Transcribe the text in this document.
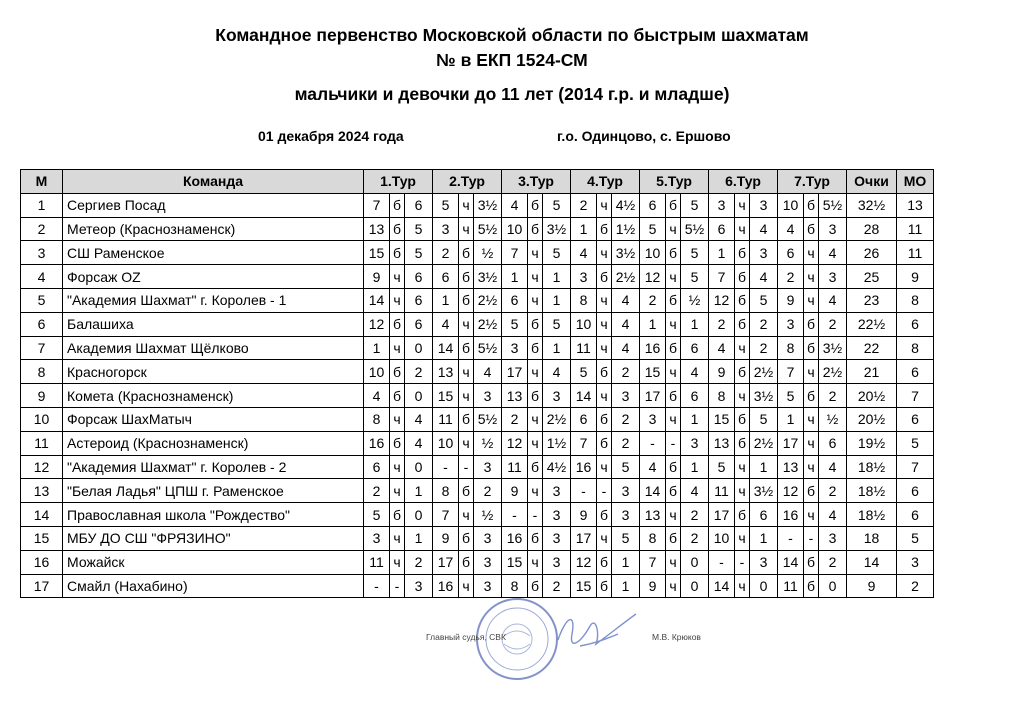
Командное первенство Московской области по быстрым шахматам
№ в ЕКП 1524-СМ
мальчики и девочки до 11 лет (2014 г.р. и младше)
01 декабря 2024 года	г.о. Одинцово, с. Ершово
М	Команда	1.Тур			2.Тур			3.Тур			4.Тур			5.Тур			6.Тур			7.Тур			Очки	МО
1	Сергиев Посад	7	б	6	5	ч	3½	4	б	5	2	ч	4½	6	б	5	3	ч	3	10	б	5½	32½	13
2	Метеор (Краснознаменск)	13	б	5	3	ч	5½	10	б	3½	1	б	1½	5	ч	5½	6	ч	4	4	б	3	28	11
3	СШ Раменское	15	б	5	2	б	½	7	ч	5	4	ч	3½	10	б	5	1	б	3	6	ч	4	26	11
4	Форсаж OZ	9	ч	6	6	б	3½	1	ч	1	3	б	2½	12	ч	5	7	б	4	2	ч	3	25	9
5	"Академия Шахмат" г. Королев - 1	14	ч	6	1	б	2½	6	ч	1	8	ч	4	2	б	½	12	б	5	9	ч	4	23	8
6	Балашиха	12	б	6	4	ч	2½	5	б	5	10	ч	4	1	ч	1	2	б	2	3	б	2	22½	6
7	Академия Шахмат Щёлково	1	ч	0	14	б	5½	3	б	1	11	ч	4	16	б	6	4	ч	2	8	б	3½	22	8
8	Красногорск	10	б	2	13	ч	4	17	ч	4	5	б	2	15	ч	4	9	б	2½	7	ч	2½	21	6
9	Комета (Краснознаменск)	4	б	0	15	ч	3	13	б	3	14	ч	3	17	б	6	8	ч	3½	5	б	2	20½	7
10	Форсаж ШахМатыч	8	ч	4	11	б	5½	2	ч	2½	6	б	2	3	ч	1	15	б	5	1	ч	½	20½	6
11	Астероид (Краснознаменск)	16	б	4	10	ч	½	12	ч	1½	7	б	2	-	-	3	13	б	2½	17	ч	6	19½	5
12	"Академия Шахмат" г. Королев - 2	6	ч	0	-	-	3	11	б	4½	16	ч	5	4	б	1	5	ч	1	13	ч	4	18½	7
13	"Белая Ладья" ЦПШ г. Раменское	2	ч	1	8	б	2	9	ч	3	-	-	3	14	б	4	11	ч	3½	12	б	2	18½	6
14	Православная школа "Рождество"	5	б	0	7	ч	½	-	-	3	9	б	3	13	ч	2	17	б	6	16	ч	4	18½	6
15	МБУ ДО СШ "ФРЯЗИНО"	3	ч	1	9	б	3	16	б	3	17	ч	5	8	б	2	10	ч	1	-	-	3	18	5
16	Можайск	11	ч	2	17	б	3	15	ч	3	12	б	1	7	ч	0	-	-	3	14	б	2	14	3
17	Смайл (Нахабино)	-	-	3	16	ч	3	8	б	2	15	б	1	9	ч	0	14	ч	0	11	б	0	9	2
Главный судья, СВК	М.В. Крюков
